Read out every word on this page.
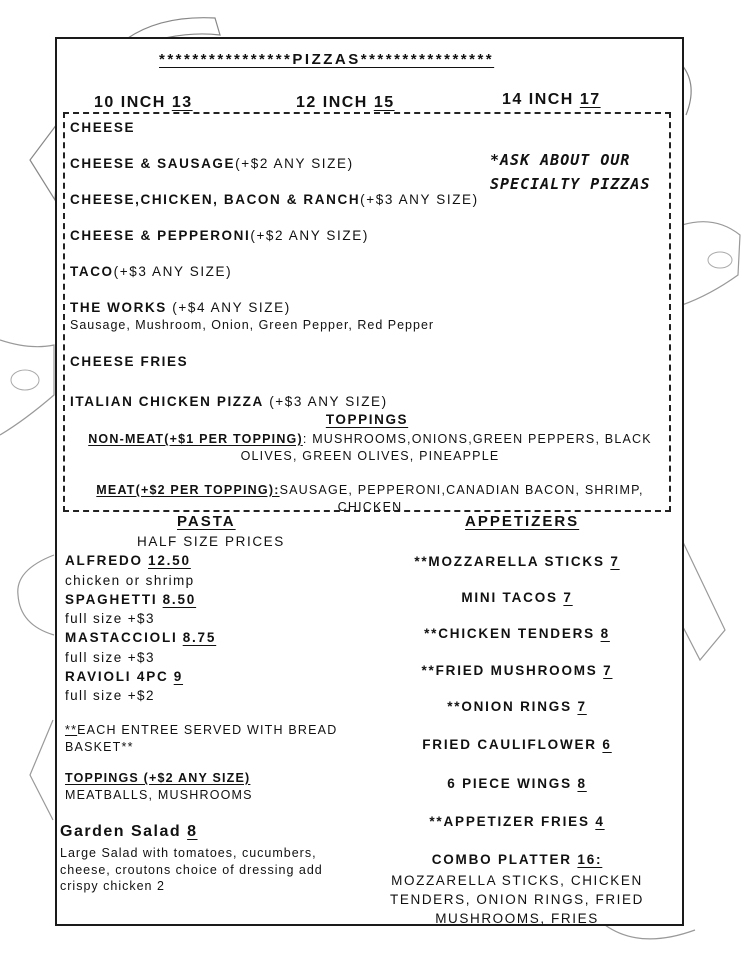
****************PIZZAS****************
10 INCH 13	12 INCH 15	14 INCH 17
CHEESE
CHEESE & SAUSAGE(+$2 ANY SIZE)
CHEESE,CHICKEN, BACON & RANCH(+$3 ANY SIZE)
CHEESE & PEPPERONI(+$2 ANY SIZE)
TACO(+$3 ANY SIZE)
THE WORKS (+$4 ANY SIZE)
Sausage, Mushroom, Onion, Green Pepper, Red Pepper
CHEESE FRIES
ITALIAN CHICKEN PIZZA (+$3 ANY SIZE)
*ASK ABOUT OUR SPECIALTY PIZZAS
TOPPINGS
NON-MEAT(+$1 PER TOPPING): MUSHROOMS,ONIONS,GREEN PEPPERS, BLACK OLIVES, GREEN OLIVES, PINEAPPLE
MEAT(+$2 PER TOPPING):SAUSAGE, PEPPERONI,CANADIAN BACON, SHRIMP, CHICKEN
PASTA
HALF SIZE PRICES
ALFREDO 12.50
chicken or shrimp
SPAGHETTI 8.50
full size +$3
MASTACCIOLI 8.75
full size +$3
RAVIOLI 4PC 9
full size +$2
**EACH ENTREE SERVED WITH BREAD BASKET**
TOPPINGS (+$2 ANY SIZE)
MEATBALLS, MUSHROOMS
Garden Salad 8
Large Salad with tomatoes, cucumbers, cheese, croutons choice of dressing add crispy chicken 2
APPETIZERS
**MOZZARELLA STICKS 7
MINI TACOS 7
**CHICKEN TENDERS 8
**FRIED MUSHROOMS 7
**ONION RINGS 7
FRIED CAULIFLOWER 6
6 PIECE WINGS 8
**APPETIZER FRIES 4
COMBO PLATTER 16:
MOZZARELLA STICKS, CHICKEN TENDERS, ONION RINGS, FRIED MUSHROOMS, FRIES
